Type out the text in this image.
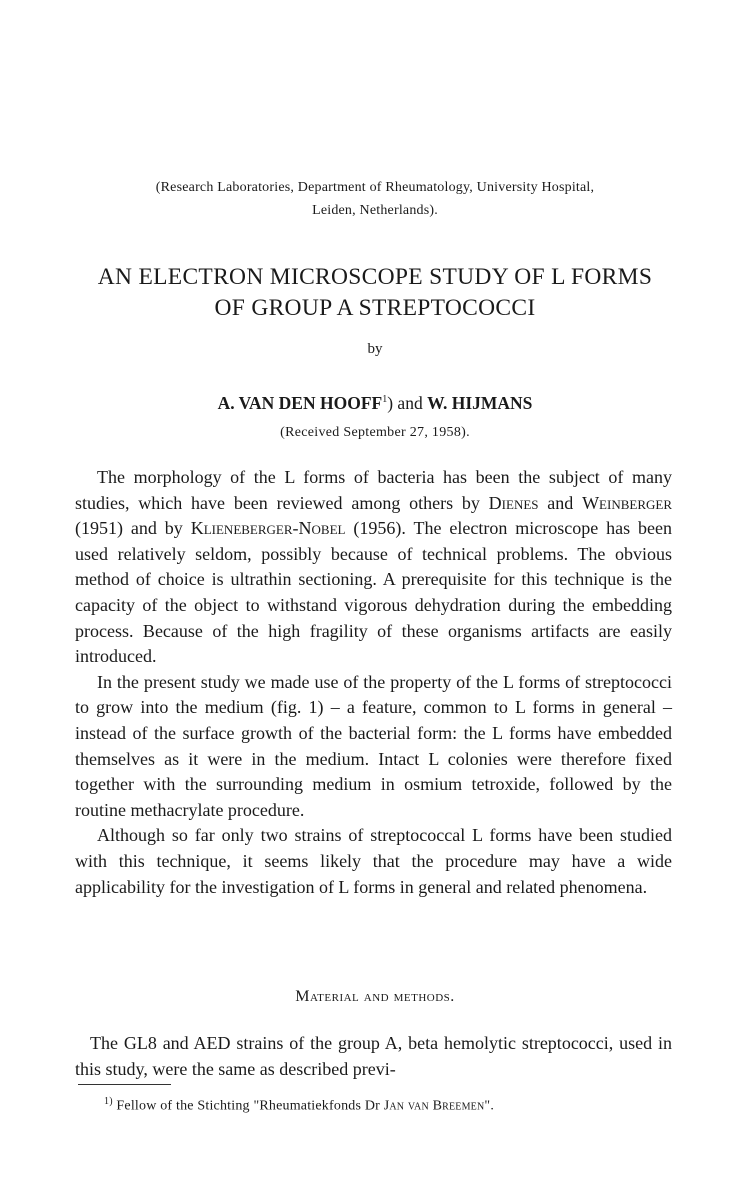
(Research Laboratories, Department of Rheumatology, University Hospital,
Leiden, Netherlands).
AN ELECTRON MICROSCOPE STUDY OF L FORMS
OF GROUP A STREPTOCOCCI
by
A. VAN DEN HOOFF$^1$) and W. HIJMANS
(Received September 27, 1958).

The morphology of the L forms of bacteria has been the subject of many studies, which have been reviewed among others by Dienes and Weinberger (1951) and by Klieneberger-Nobel (1956). The electron microscope has been used relatively seldom, possibly because of technical problems. The obvious method of choice is ultrathin sectioning. A prerequisite for this technique is the capacity of the object to withstand vigorous dehydration during the embedding process. Because of the high fragility of these organisms artifacts are easily introduced.

In the present study we made use of the property of the L forms of streptococci to grow into the medium (fig. 1) – a feature, common to L forms in general – instead of the surface growth of the bacterial form: the L forms have embedded themselves as it were in the medium. Intact L colonies were therefore fixed together with the surrounding medium in osmium tetroxide, followed by the routine methacrylate procedure.

Although so far only two strains of streptococcal L forms have been studied with this technique, it seems likely that the procedure may have a wide applicability for the investigation of L forms in general and related phenomena.

Material and methods.

The GL8 and AED strains of the group A, beta hemolytic streptococci, used in this study, were the same as described previ-

$^{1)}$ Fellow of the Stichting "Rheumatiekfonds Dr Jan van Breemen".
